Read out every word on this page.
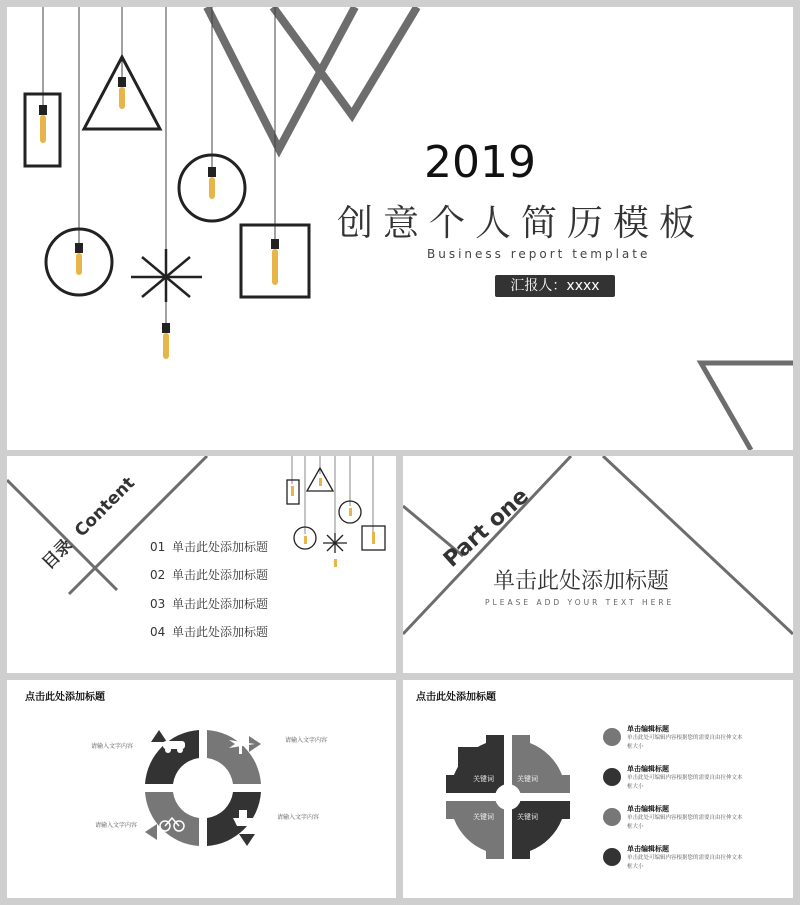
2019
创意个人简历模板
Business report template
汇报人：xxxx
目录 Content
01 单击此处添加标题
02 单击此处添加标题
03 单击此处添加标题
04 单击此处添加标题
Part one
单击此处添加标题
PLEASE ADD YOUR TEXT HERE
点击此处添加标题
请输入文字内容
请输入文字内容
请输入文字内容
请输入文字内容
点击此处添加标题
关键词	关键词
关键词	关键词
单击编辑标题
单击此处可编辑内容根据您的需要自由拉伸文本框大小
单击编辑标题
单击此处可编辑内容根据您的需要自由拉伸文本框大小
单击编辑标题
单击此处可编辑内容根据您的需要自由拉伸文本框大小
单击编辑标题
单击此处可编辑内容根据您的需要自由拉伸文本框大小
